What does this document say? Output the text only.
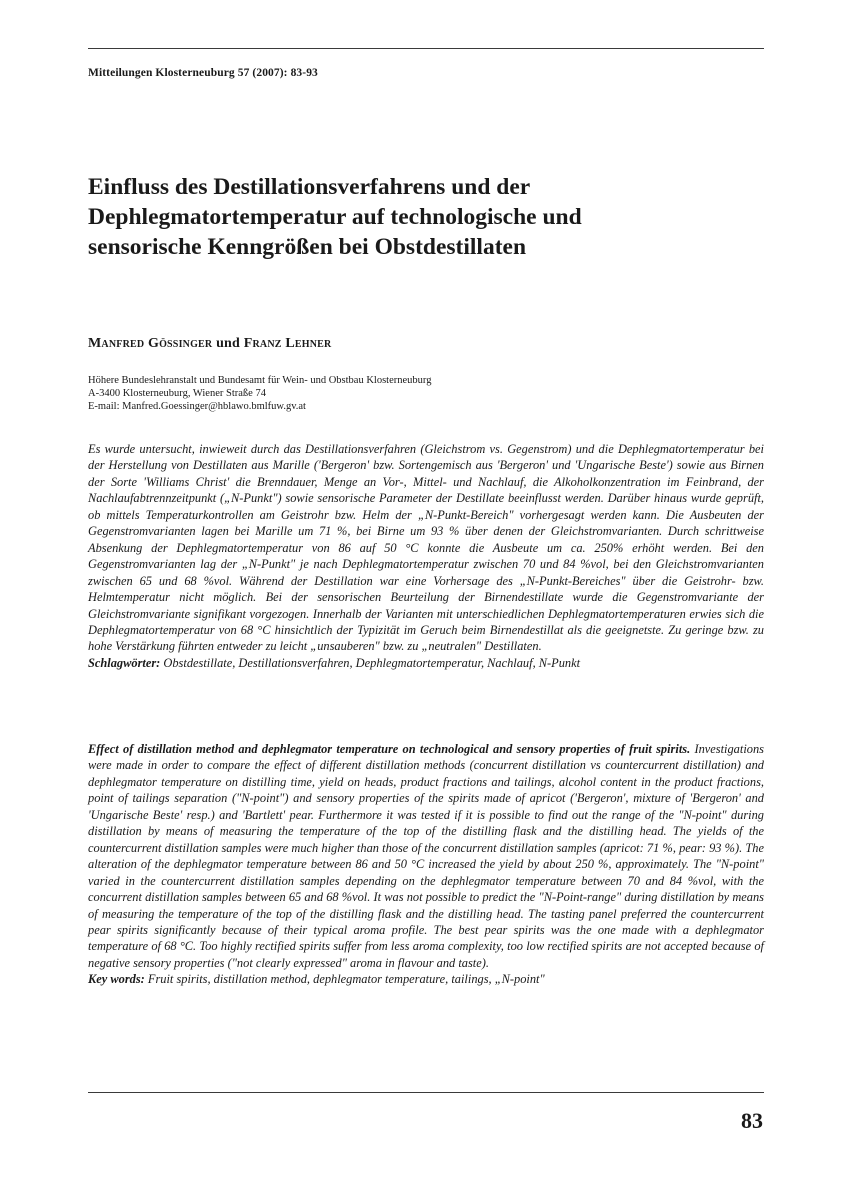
Mitteilungen Klosterneuburg 57 (2007): 83-93
Einfluss des Destillationsverfahrens und der
Dephlegmatortemperatur auf technologische und
sensorische Kenngrößen bei Obstdestillaten
Manfred Gössinger und Franz Lehner
Höhere Bundeslehranstalt und Bundesamt für Wein- und Obstbau Klosterneuburg
A-3400 Klosterneuburg, Wiener Straße 74
E-mail: Manfred.Goessinger@hblawo.bmlfuw.gv.at

Es wurde untersucht, inwieweit durch das Destillationsverfahren (Gleichstrom vs. Gegenstrom) und die Dephlegmatortemperatur bei der Herstellung von Destillaten aus Marille ('Bergeron' bzw. Sortengemisch aus 'Bergeron' und 'Ungarische Beste') sowie aus Birnen der Sorte 'Williams Christ' die Brenndauer, Menge an Vor-, Mittel- und Nachlauf, die Alkoholkonzentration im Feinbrand, der Nachlaufabtrennzeitpunkt („N-Punkt") sowie sensorische Parameter der Destillate beeinflusst werden. Darüber hinaus wurde geprüft, ob mittels Temperaturkontrollen am Geistrohr bzw. Helm der „N-Punkt-Bereich" vorhergesagt werden kann. Die Ausbeuten der Gegenstromvarianten lagen bei Marille um 71 %, bei Birne um 93 % über denen der Gleichstromvarianten. Durch schrittweise Absenkung der Dephlegmatortemperatur von 86 auf 50 °C konnte die Ausbeute um ca. 250% erhöht werden. Bei den Gegenstromvarianten lag der „N-Punkt" je nach Dephlegmatortemperatur zwischen 70 und 84 %vol, bei den Gleichstromvarianten zwischen 65 und 68 %vol. Während der Destillation war eine Vorhersage des „N-Punkt-Bereiches" über die Geistrohr- bzw. Helmtemperatur nicht möglich. Bei der sensorischen Beurteilung der Birnendestillate wurde die Gegenstromvariante der Gleichstromvariante signifikant vorgezogen. Innerhalb der Varianten mit unterschiedlichen Dephlegmatortemperaturen erwies sich die Dephlegmatortemperatur von 68 °C hinsichtlich der Typizität im Geruch beim Birnendestillat als die geeignetste. Zu geringe bzw. zu hohe Verstärkung führten entweder zu leicht „unsauberen" bzw. zu „neutralen" Destillaten.

Schlagwörter: Obstdestillate, Destillationsverfahren, Dephlegmatortemperatur, Nachlauf, N-Punkt

Effect of distillation method and dephlegmator temperature on technological and sensory properties of fruit spirits. Investigations were made in order to compare the effect of different distillation methods (concurrent distillation vs countercurrent distillation) and dephlegmator temperature on distilling time, yield on heads, product fractions and tailings, alcohol content in the product fractions, point of tailings separation ("N-point") and sensory properties of the spirits made of apricot ('Bergeron', mixture of 'Bergeron' and 'Ungarische Beste' resp.) and 'Bartlett' pear. Furthermore it was tested if it is possible to find out the range of the "N-point" during distillation by means of measuring the temperature of the top of the distilling flask and the distilling head. The yields of the countercurrent distillation samples were much higher than those of the concurrent distillation samples (apricot: 71 %, pear: 93 %). The alteration of the dephlegmator temperature between 86 and 50 °C increased the yield by about 250 %, approximately. The "N-point" varied in the countercurrent distillation samples depending on the dephlegmator temperature between 70 and 84 %vol, with the concurrent distillation samples between 65 and 68 %vol. It was not possible to predict the "N-Point-range" during distillation by means of measuring the temperature of the top of the distilling flask and the distilling head. The tasting panel preferred the countercurrent pear spirits significantly because of their typical aroma profile. The best pear spirits was the one made with a dephlegmator temperature of 68 °C. Too highly rectified spirits suffer from less aroma complexity, too low rectified spirits are not accepted because of negative sensory properties ("not clearly expressed" aroma in flavour and taste).

Key words: Fruit spirits, distillation method, dephlegmator temperature, tailings, „N-point"

83
